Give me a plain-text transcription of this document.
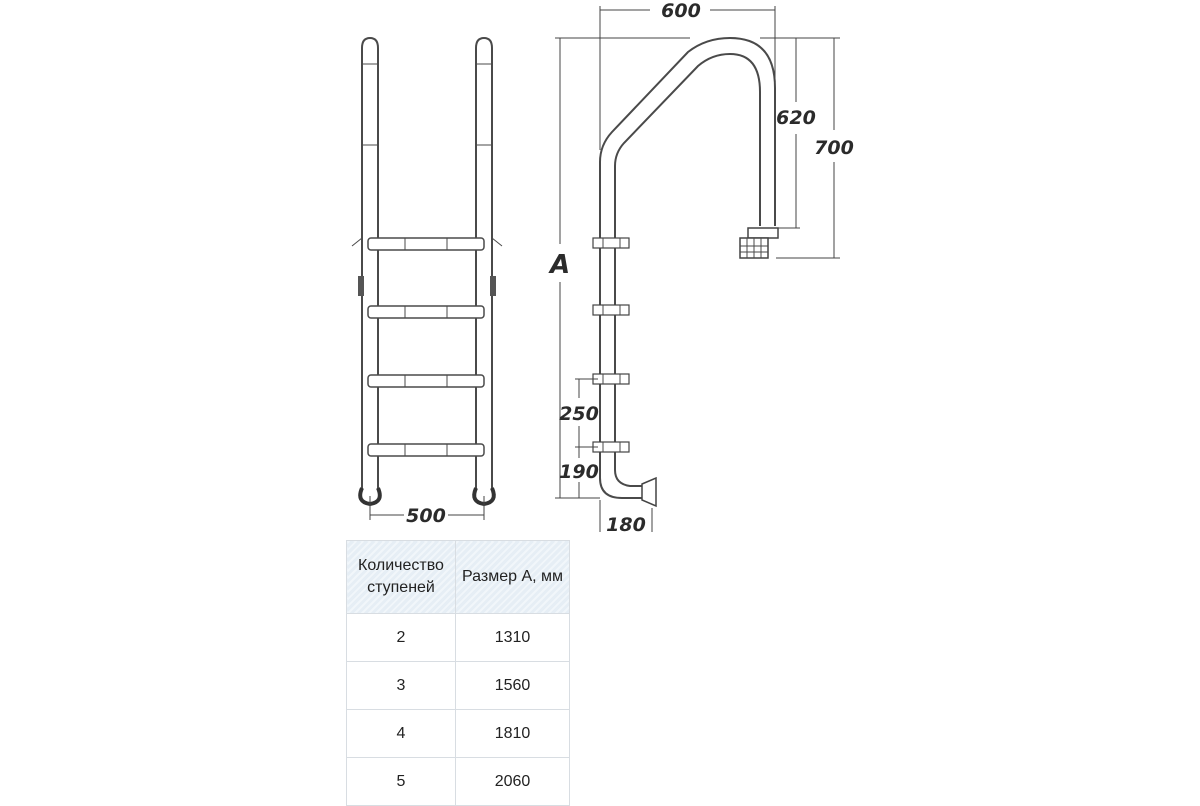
500
600
620
700
A
250
190
180
Количество ступеней	Размер А, мм
2	1310
3	1560
4	1810
5	2060
